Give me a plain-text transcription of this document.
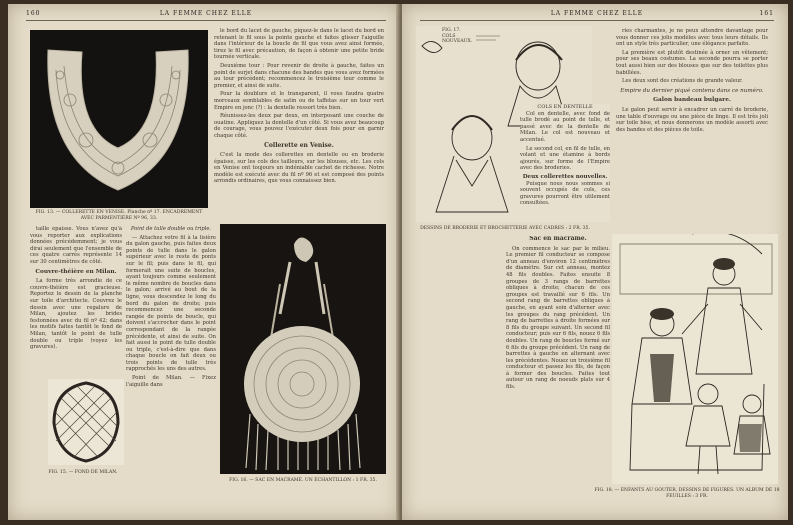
160	LA FEMME CHEZ ELLE
FIG. 13. — COLLERETTE EN VENISE. Planche nº 17. ENCADREMENT AVEC PARMENTIÈRE Nº 96, 33.

le bord du lacet de gauche, piquez-le dans le lacet du bord en retenant le fil sous la pointe gauche et faites glisser l'aiguille dans l'intérieur de la boucle de fil que vous avez ainsi formée, tirez le fil avec précaution, de façon à obtenir une petite bride tournée verticale.

Deuxième tour : Pour revenir de droite à gauche, faites un point de surjet dans chacune des bandes que vous avez formées au tour précédent; recommencez le troisième tour comme le premier, et ainsi de suite.

Pour la doublure et le transparent, il vous faudra quatre morceaux semblables de satin ou de taffetas sur un tour vert Empire en jonc (?) : la dentelle ressort très bien.

Réunissez-les deux par deux, en interposant une couche de ouatine. Appliquez la dentelle d'un côté. Si vous avez beaucoup de courage, vous pouvez l'exécuter deux fois pour en garnir chaque côté.

Collerette en Venise.

C'est la mode des collerettes en dentelle ou en broderie épaisse, sur les cols des tailleurs, sur les blouses, etc. Les cols en Venise ont toujours un indéniable cachet de richesse. Notre modèle est exécuté avec du fil nº 96 et est composé des points arrondis ordinaires, que vous connaissez bien.

taille épaisse. Vous n'avez qu'à vous reporter aux explications données précédemment; je vous dirai seulement que l'ensemble de ces quatre carrés représente 14 sur 30 centimètres de côté.

Couvre-théière en Milan.

La forme très arrondie de ce couvre-théière est gracieuse. Reportez le dessin de la planche sur toile d'architecte. Couvrez le dessin avec une regalure de Milan, ajoutez les brides festonnées avec du fil nº 42; dans les motifs faites tantôt le fond de Milan, tantôt le point de tulle double ou triple (voyez les gravures).

FIG. 15. — FOND DE MILAN.
Point de tulle double ou triple.

— Attachez votre fil à la lisière du galon gauche, puis faites deux points de tulle dans le galon supérieur avec le reste de ponts sur le fil; puis dans le fil, qui formerait une suite de boucles, ayant toujours comme seulement le même nombre de boucles dans le galon; arrivé au bout de la ligne, vous descendez le long du bord du galon de droite; puis recommencez une seconde rangée de points de boucle, qui doivent s'accrocher dans le point correspondant de la rangée précédente, et ainsi de suite. On fait aussi le point de tulle double ou triple, c'est-à-dire que dans chaque boucle on fait deux ou trois points de tulle très rapprochés les uns des autres.

Point de Milan. — Fixez l'aiguille dans

FIG. 16. — SAC EN MACRAMÉ. UN ÉCHANTILLON : 1 FR. 35.
LA FEMME CHEZ ELLE	161
FIG. 17. COLS NOUVEAUX.
DESSINS DE BRODERIE ET BROCHETTERIE AVEC CADRES : 2 FR. 35.
COLS EN DENTELLE

Col en dentelle, avec fond de tulle brodé au point de tulle, et passé avec de la dentelle de Milan. Le col est nouveau et accentué.

Le second col, en fil de tulle, en volant et une étamine à bords ajourés, sur forme de l'Empire avec des broderies.

Deux collerettes nouvelles.

Puisque nous nous sommes si souvent occupés de cols, ces gravures pourront être utilement consultées.

ries charmantes, je ne peux attendre davantage pour vous donner ces jolis modèles avec tous leurs détails. Ils ont un style très particulier, une élégance parfaite.

La première est plutôt destinée à orner un vêtement; pour ses beaux costumes. La seconde pourra se porter tout aussi bien sur des blouses que sur des toilettes plus habillées.

Les deux sont des créations de grande valeur.

Empire du dernier piqué contenu dans ce numéro.
Galon bandeau bulgare.

Le galon peut servir à encadrer un carré de broderie, une table d'ouvrage ou une pièce de linge. Il est très joli sur toile bise, et nous donnerons un modèle assorti avec des bandes et des pièces de toile.

Sac en macramé.

On commence le sac par le milieu. Le premier fil conducteur se compose d'un anneau d'environ 12 centimètres de diamètre. Sur cet anneau, montez 48 fils doubles. Faites ensuite 8 groupes de 3 rangs de barrettes obliques à droite; chacun de ces groupes est travaillé sur 6 fils. Un second rang de barrettes obliques à gauche, en ayant soin d'alterner avec les groupes du rang précédent. Un rang de barrettes à droite formées sur 8 fils du groupe suivant. Un second fil conducteur; puis sur 6 fils, nouez 6 fils doubles. Un rang de boucles formé sur 6 fils du groupe précédent. Un rang de barrettes à gauche en alternant avec les précédentes. Nouez un troisième fil conducteur et passez les fils, de façon à former des boucles. Faites tout autour un rang de noeuds plats sur 4 fils.

FIG. 18. — ENFANTS AU GOUTER, DESSINS DE FIGURES. UN ALBUM DE 18 FEUILLES : 3 FR.
